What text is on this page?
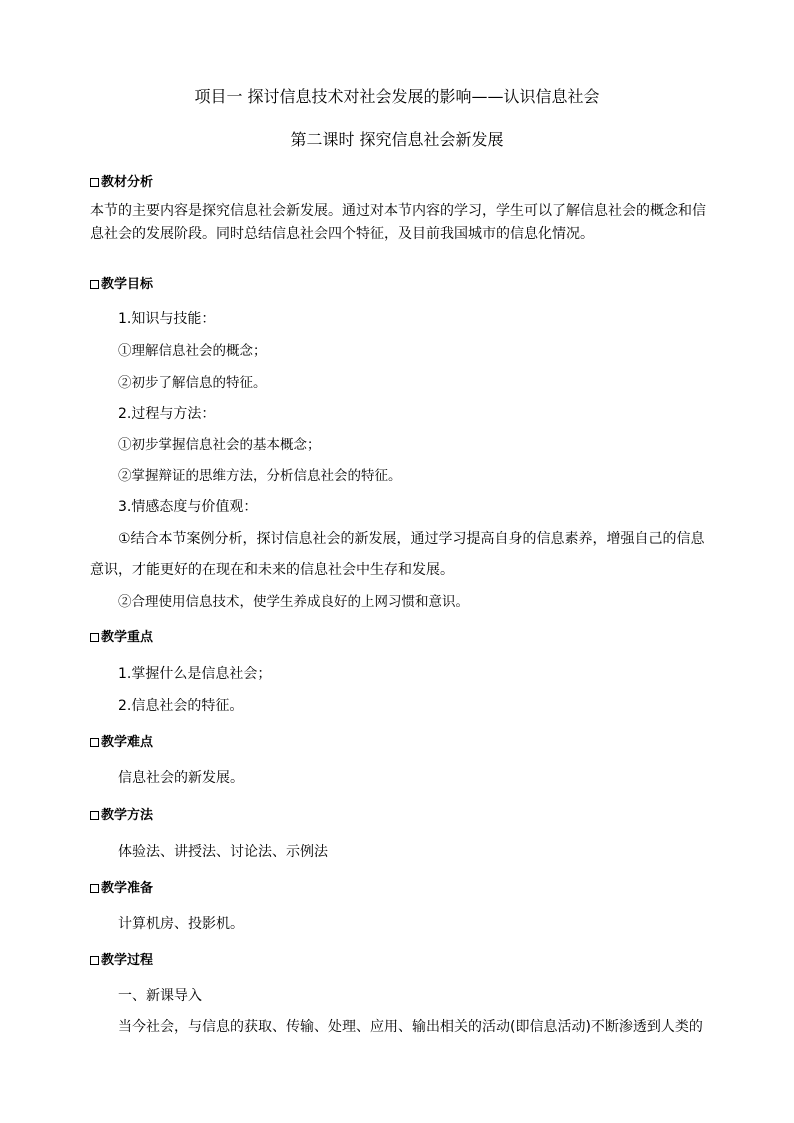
项目一 探讨信息技术对社会发展的影响——认识信息社会
第二课时 探究信息社会新发展
教材分析
本节的主要内容是探究信息社会新发展。通过对本节内容的学习，学生可以了解信息社会的概念和信
息社会的发展阶段。同时总结信息社会四个特征，及目前我国城市的信息化情况。
教学目标
1.知识与技能：
①理解信息社会的概念；
②初步了解信息的特征。
2.过程与方法：
①初步掌握信息社会的基本概念；
②掌握辩证的思维方法，分析信息社会的特征。
3.情感态度与价值观：
①结合本节案例分析，探讨信息社会的新发展，通过学习提高自身的信息素养，增强自己的信息
意识，才能更好的在现在和未来的信息社会中生存和发展。
②合理使用信息技术，使学生养成良好的上网习惯和意识。
教学重点
1.掌握什么是信息社会；
2.信息社会的特征。
教学难点
信息社会的新发展。
教学方法
体验法、讲授法、讨论法、示例法
教学准备
计算机房、投影机。
教学过程
一、新课导入
当今社会，与信息的获取、传输、处理、应用、输出相关的活动(即信息活动)不断渗透到人类的
